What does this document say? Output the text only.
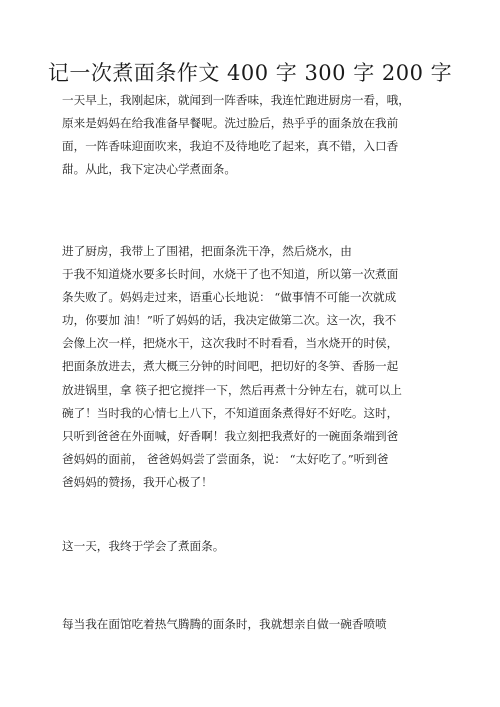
记一次煮面条作文 400 字 300 字 200 字
一天早上，我刚起床，就闻到一阵香味，我连忙跑进厨房一看，哦，
原来是妈妈在给我准备早餐呢。洗过脸后，热乎乎的面条放在我前
面，一阵香味迎面吹来，我迫不及待地吃了起来，真不错，入口香
甜。从此，我下定决心学煮面条。
进了厨房，我带上了围裙，把面条洗干净，然后烧水，由
于我不知道烧水要多长时间，水烧干了也不知道，所以第一次煮面
条失败了。妈妈走过来，语重心长地说： “做事情不可能一次就成
功，你要加 油！”听了妈妈的话，我决定做第二次。这一次，我不
会像上次一样，把烧水干，这次我时不时看看，当水烧开的时侯，
把面条放进去，煮大概三分钟的时间吧，把切好的冬笋、香肠一起
放进锅里，拿 筷子把它搅拌一下，然后再煮十分钟左右，就可以上
碗了！当时我的心情七上八下，不知道面条煮得好不好吃。这时，
只听到爸爸在外面喊，好香啊！我立刻把我煮好的一碗面条端到爸
爸妈妈的面前， 爸爸妈妈尝了尝面条，说： “太好吃了。”听到爸
爸妈妈的赞扬，我开心极了！
这一天，我终于学会了煮面条。
每当我在面馆吃着热气腾腾的面条时，我就想亲自做一碗香喷喷
